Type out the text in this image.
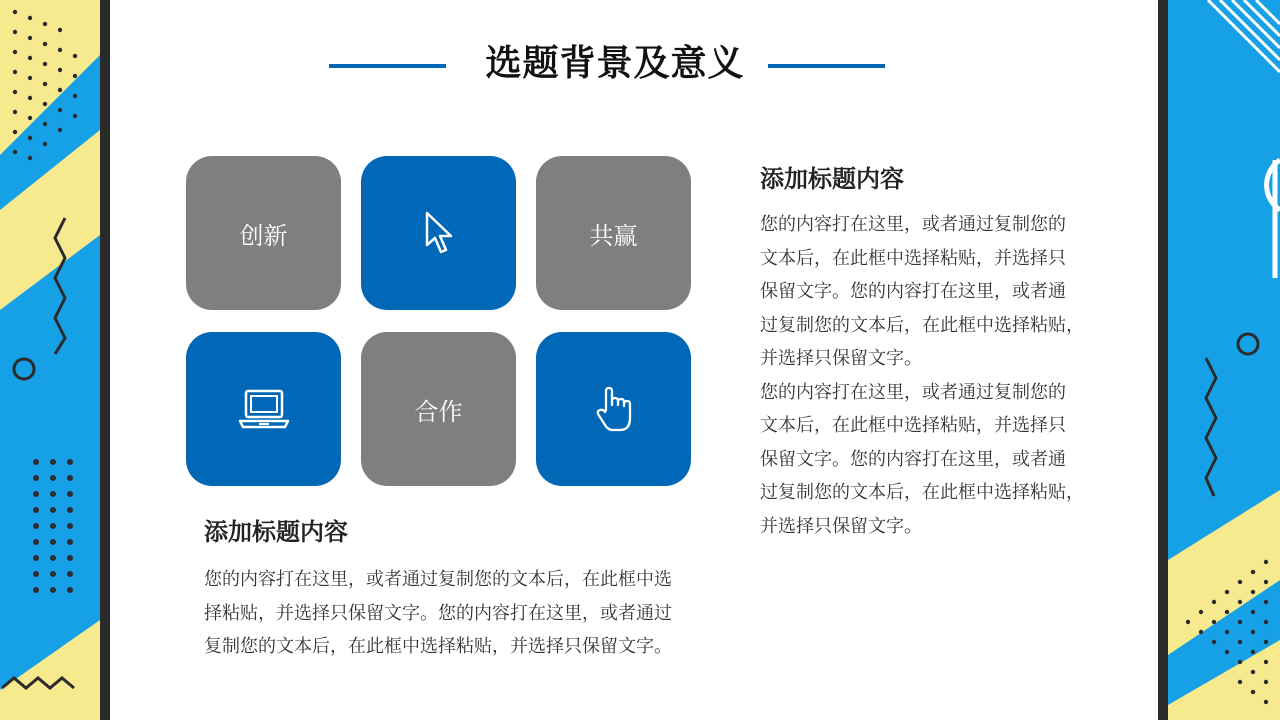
选题背景及意义
创新	共赢
合作
添加标题内容
您的内容打在这里，或者通过复制您的文本后，在此框中选
择粘贴，并选择只保留文字。您的内容打在这里，或者通过
复制您的文本后，在此框中选择粘贴，并选择只保留文字。
添加标题内容
您的内容打在这里，或者通过复制您的
文本后，在此框中选择粘贴，并选择只
保留文字。您的内容打在这里，或者通
过复制您的文本后，在此框中选择粘贴，
并选择只保留文字。
您的内容打在这里，或者通过复制您的
文本后，在此框中选择粘贴，并选择只
保留文字。您的内容打在这里，或者通
过复制您的文本后，在此框中选择粘贴，
并选择只保留文字。
